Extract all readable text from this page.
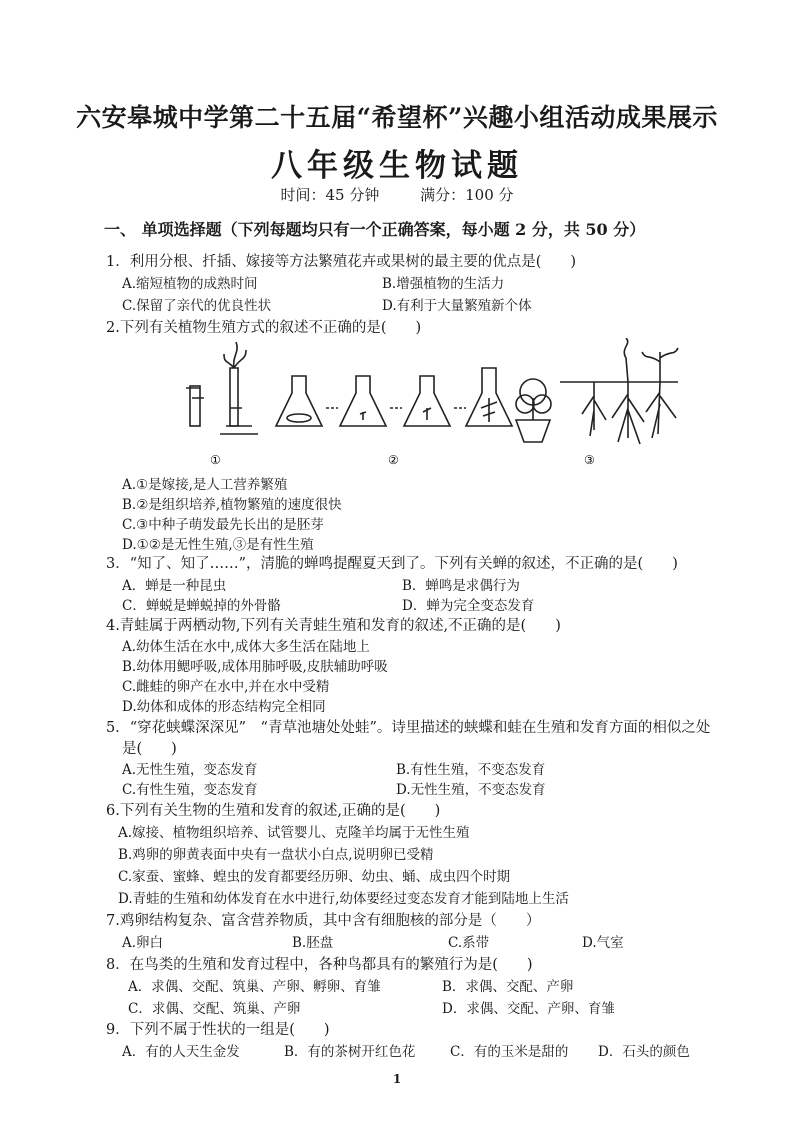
六安皋城中学第二十五届“希望杯”兴趣小组活动成果展示
八年级生物试题
时间：45 分钟	满分：100 分
一、 单项选择题（下列每题均只有一个正确答案，每小题 2 分，共 50 分）
1．利用分根、扦插、嫁接等方法繁殖花卉或果树的最主要的优点是(　　)
A.缩短植物的成熟时间	B.增强植物的生活力
C.保留了亲代的优良性状	D.有利于大量繁殖新个体
2.下列有关植物生殖方式的叙述不正确的是(　　)
①	②	③
A.①是嫁接,是人工营养繁殖
B.②是组织培养,植物繁殖的速度很快
C.③中种子萌发最先长出的是胚芽
D.①②是无性生殖,③是有性生殖
3．“知了、知了……”，清脆的蝉鸣提醒夏天到了。下列有关蝉的叙述，不正确的是(　　)
A．蝉是一种昆虫	B．蝉鸣是求偶行为
C．蝉蜕是蝉蜕掉的外骨骼	D．蝉为完全变态发育
4.青蛙属于两栖动物,下列有关青蛙生殖和发育的叙述,不正确的是(　　)
A.幼体生活在水中,成体大多生活在陆地上
B.幼体用鳃呼吸,成体用肺呼吸,皮肤辅助呼吸
C.雌蛙的卵产在水中,并在水中受精
D.幼体和成体的形态结构完全相同
5．“穿花蛱蝶深深见”　“青草池塘处处蛙”。诗里描述的蛱蝶和蛙在生殖和发育方面的相似之处
是(　　)
A.无性生殖，变态发育	B.有性生殖，不变态发育
C.有性生殖，变态发育	D.无性生殖，不变态发育
6.下列有关生物的生殖和发育的叙述,正确的是(　　)
A.嫁接、植物组织培养、试管婴儿、克隆羊均属于无性生殖
B.鸡卵的卵黄表面中央有一盘状小白点,说明卵已受精
C.家蚕、蜜蜂、蝗虫的发育都要经历卵、幼虫、蛹、成虫四个时期
D.青蛙的生殖和幼体发育在水中进行,幼体要经过变态发育才能到陆地上生活
7.鸡卵结构复杂、富含营养物质，其中含有细胞核的部分是（　　）
A.卵白	B.胚盘	C.系带	D.气室
8．在鸟类的生殖和发育过程中，各种鸟都具有的繁殖行为是(　　)
A．求偶、交配、筑巢、产卵、孵卵、育雏	B．求偶、交配、产卵
C．求偶、交配、筑巢、产卵	D．求偶、交配、产卵、育雏
9．下列不属于性状的一组是(　　)
A．有的人天生金发	B．有的茶树开红色花	C．有的玉米是甜的 D．石头的颜色
1
